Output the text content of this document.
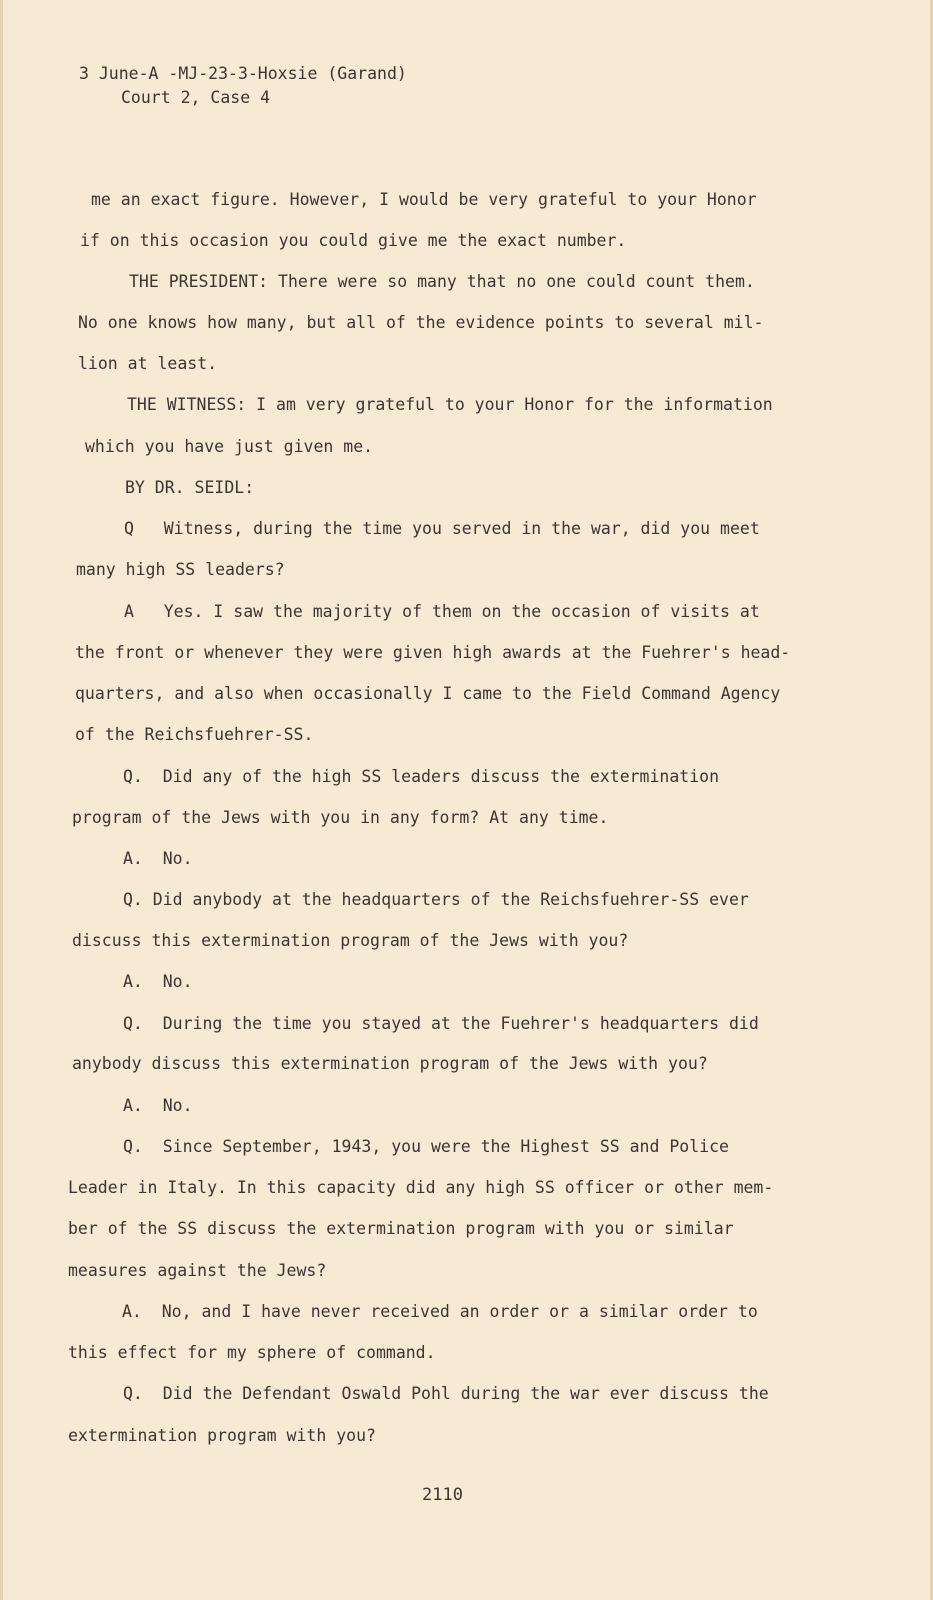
3 June-A -MJ-23-3-Hoxsie (Garand)
Court 2, Case 4
me an exact figure. However, I would be very grateful to your Honor
if on this occasion you could give me the exact number.
THE PRESIDENT: There were so many that no one could count them.
No one knows how many, but all of the evidence points to several mil-
lion at least.
THE WITNESS: I am very grateful to your Honor for the information
which you have just given me.
BY DR. SEIDL:
Q   Witness, during the time you served in the war, did you meet
many high SS leaders?
A   Yes. I saw the majority of them on the occasion of visits at
the front or whenever they were given high awards at the Fuehrer's head-
quarters, and also when occasionally I came to the Field Command Agency
of the Reichsfuehrer-SS.
Q.  Did any of the high SS leaders discuss the extermination
program of the Jews with you in any form? At any time.
A.  No.
Q. Did anybody at the headquarters of the Reichsfuehrer-SS ever
discuss this extermination program of the Jews with you?
A.  No.
Q.  During the time you stayed at the Fuehrer's headquarters did
anybody discuss this extermination program of the Jews with you?
A.  No.
Q.  Since September, 1943, you were the Highest SS and Police
Leader in Italy. In this capacity did any high SS officer or other mem-
ber of the SS discuss the extermination program with you or similar
measures against the Jews?
A.  No, and I have never received an order or a similar order to
this effect for my sphere of command.
Q.  Did the Defendant Oswald Pohl during the war ever discuss the
extermination program with you?
2110
